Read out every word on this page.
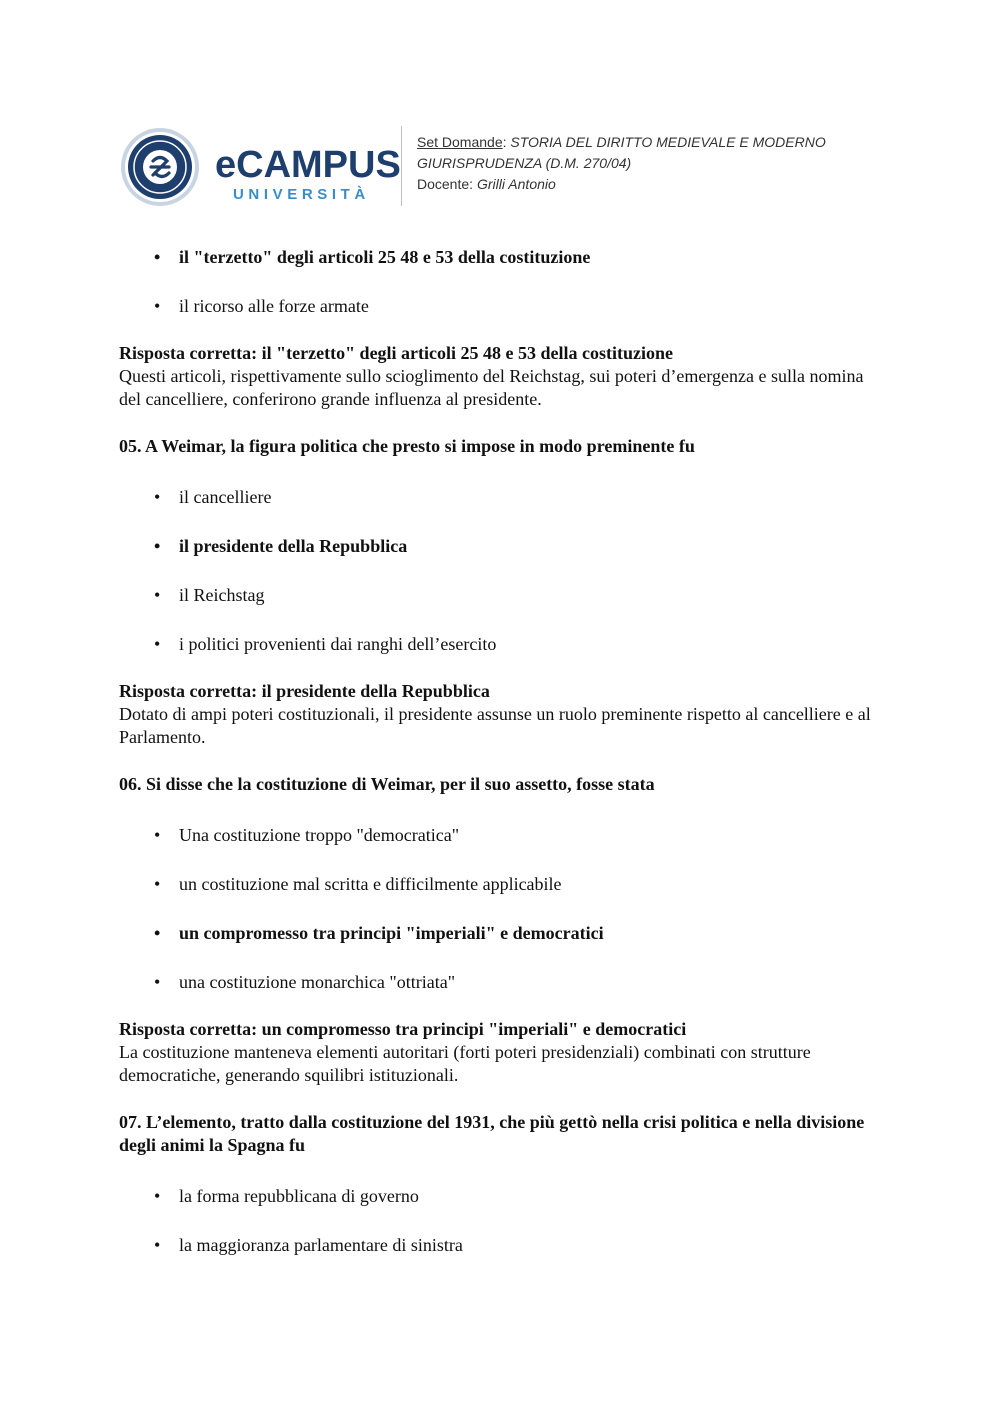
eCAMPUS
UNIVERSITÀ
Set Domande: STORIA DEL DIRITTO MEDIEVALE E MODERNO
GIURISPRUDENZA (D.M. 270/04)
Docente: Grilli Antonio
• il "terzetto" degli articoli 25 48 e 53 della costituzione
• il ricorso alle forze armate
Risposta corretta: il "terzetto" degli articoli 25 48 e 53 della costituzione
Questi articoli, rispettivamente sullo scioglimento del Reichstag, sui poteri d’emergenza e sulla nomina del cancelliere, conferirono grande influenza al presidente.
05. A Weimar, la figura politica che presto si impose in modo preminente fu
• il cancelliere
• il presidente della Repubblica
• il Reichstag
• i politici provenienti dai ranghi dell’esercito
Risposta corretta: il presidente della Repubblica
Dotato di ampi poteri costituzionali, il presidente assunse un ruolo preminente rispetto al cancelliere e al Parlamento.
06. Si disse che la costituzione di Weimar, per il suo assetto, fosse stata
• Una costituzione troppo "democratica"
• un costituzione mal scritta e difficilmente applicabile
• un compromesso tra principi "imperiali" e democratici
• una costituzione monarchica "ottriata"
Risposta corretta: un compromesso tra principi "imperiali" e democratici
La costituzione manteneva elementi autoritari (forti poteri presidenziali) combinati con strutture democratiche, generando squilibri istituzionali.
07. L’elemento, tratto dalla costituzione del 1931, che più gettò nella crisi politica e nella divisione degli animi la Spagna fu
• la forma repubblicana di governo
• la maggioranza parlamentare di sinistra
